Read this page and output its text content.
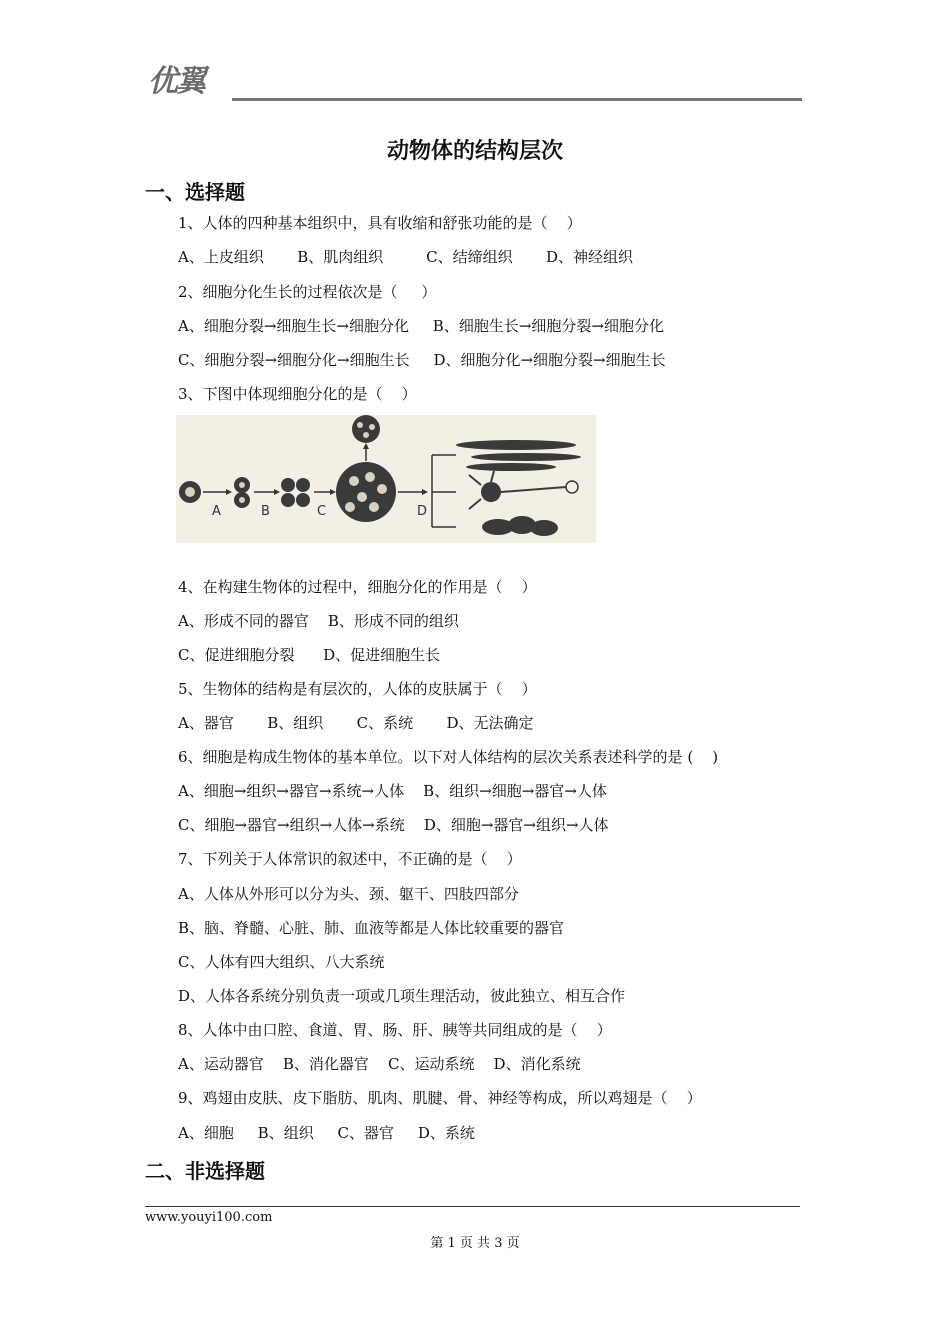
优翼
动物体的结构层次
一、选择题
1、人体的四种基本组织中，具有收缩和舒张功能的是（    ）
A、上皮组织       B、肌肉组织         C、结缔组织       D、神经组织
2、细胞分化生长的过程依次是（     ）
A、细胞分裂→细胞生长→细胞分化     B、细胞生长→细胞分裂→细胞分化
C、细胞分裂→细胞分化→细胞生长     D、细胞分化→细胞分裂→细胞生长
3、下图中体现细胞分化的是（    ）
A	B	C	D
4、在构建生物体的过程中，细胞分化的作用是（    ）
A、形成不同的器官    B、形成不同的组织
C、促进细胞分裂      D、促进细胞生长
5、生物体的结构是有层次的，人体的皮肤属于（    ）
A、器官       B、组织       C、系统       D、无法确定
6、细胞是构成生物体的基本单位。以下对人体结构的层次关系表述科学的是 (    )
A、细胞→组织→器官→系统→人体    B、组织→细胞→器官→人体
C、细胞→器官→组织→人体→系统    D、细胞→器官→组织→人体
7、下列关于人体常识的叙述中，不正确的是（    ）
A、人体从外形可以分为头、颈、躯干、四肢四部分
B、脑、脊髓、心脏、肺、血液等都是人体比较重要的器官
C、人体有四大组织、八大系统
D、人体各系统分别负责一项或几项生理活动，彼此独立、相互合作
8、人体中由口腔、食道、胃、肠、肝、胰等共同组成的是（    ）
A、运动器官    B、消化器官    C、运动系统    D、消化系统
9、鸡翅由皮肤、皮下脂肪、肌肉、肌腱、骨、神经等构成，所以鸡翅是（    ）
A、细胞     B、组织     C、器官     D、系统
二、非选择题
www.youyi100.com
第 1 页 共 3 页
